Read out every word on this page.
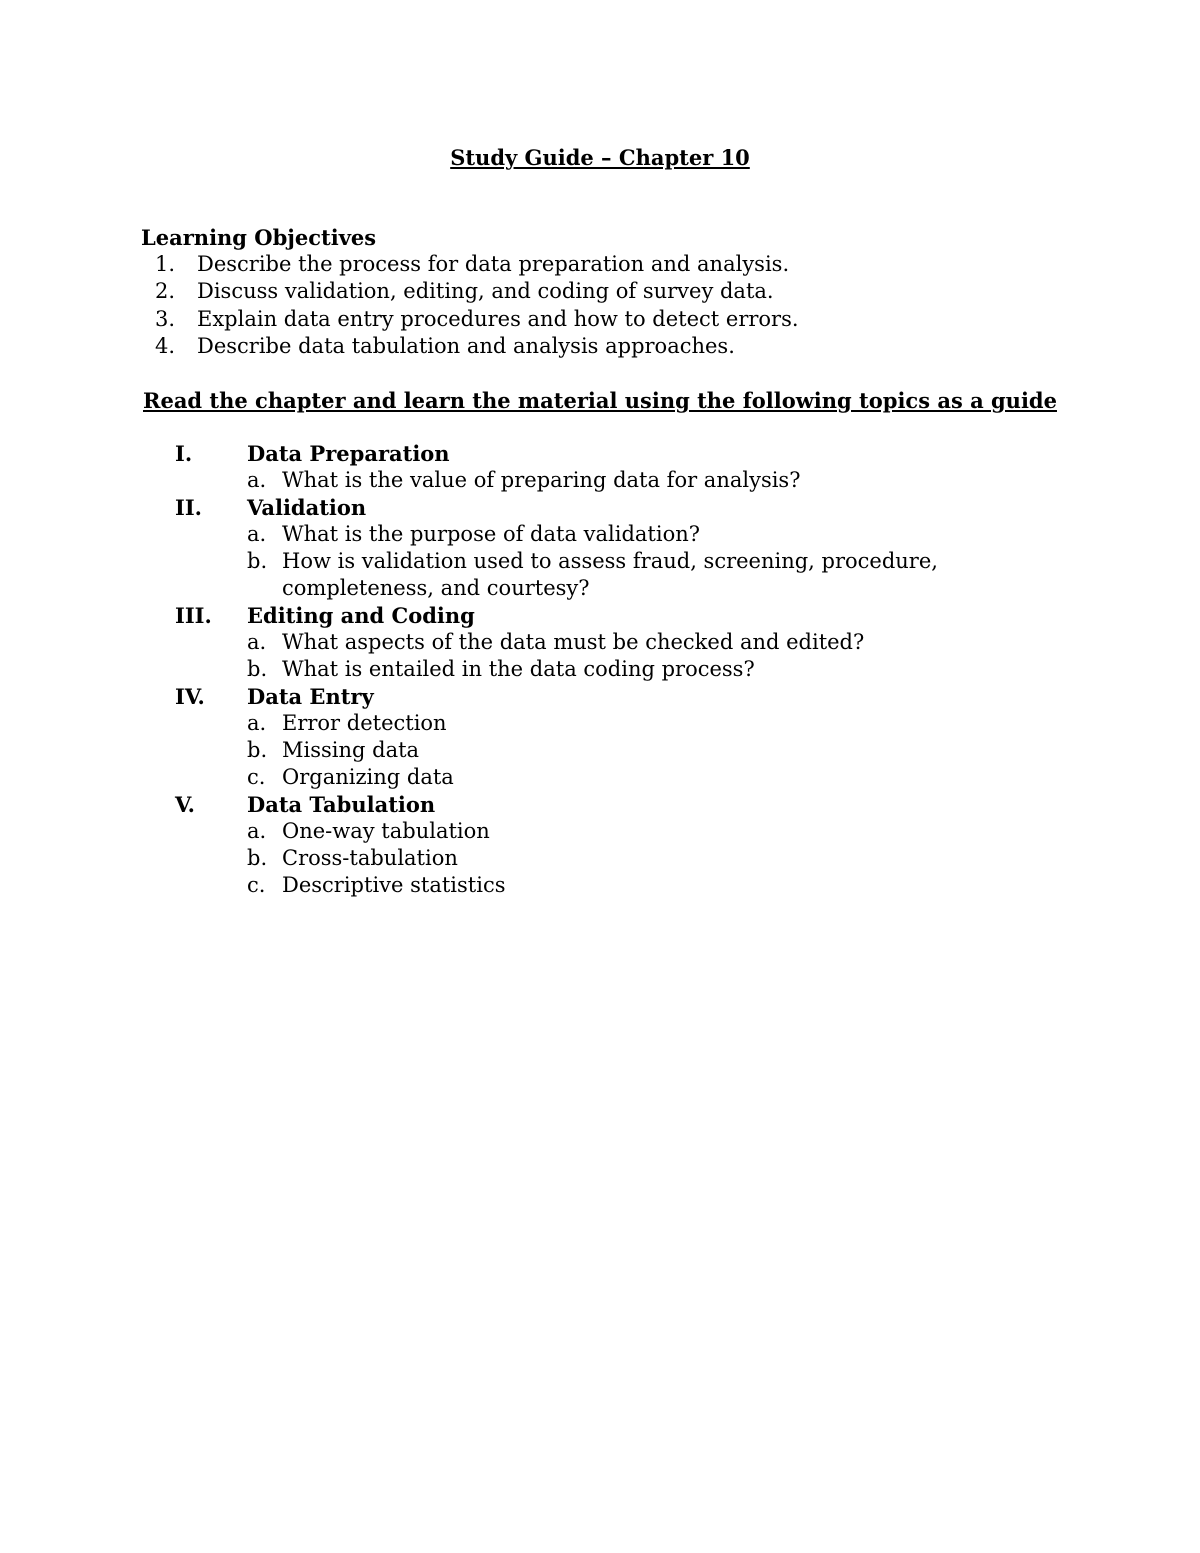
Study Guide – Chapter 10
Learning Objectives
1.	Describe the process for data preparation and analysis.
2.	Discuss validation, editing, and coding of survey data.
3.	Explain data entry procedures and how to detect errors.
4.	Describe data tabulation and analysis approaches.
Read the chapter and learn the material using the following topics as a guide
I.	Data Preparation
a. What is the value of preparing data for analysis?
II. Validation
a. What is the purpose of data validation?
b. How is validation used to assess fraud, screening, procedure, completeness, and courtesy?
III. Editing and Coding
a. What aspects of the data must be checked and edited?
b. What is entailed in the data coding process?
IV. Data Entry
a. Error detection
b. Missing data
c. Organizing data
V. Data Tabulation
a. One-way tabulation
b. Cross-tabulation
c. Descriptive statistics
